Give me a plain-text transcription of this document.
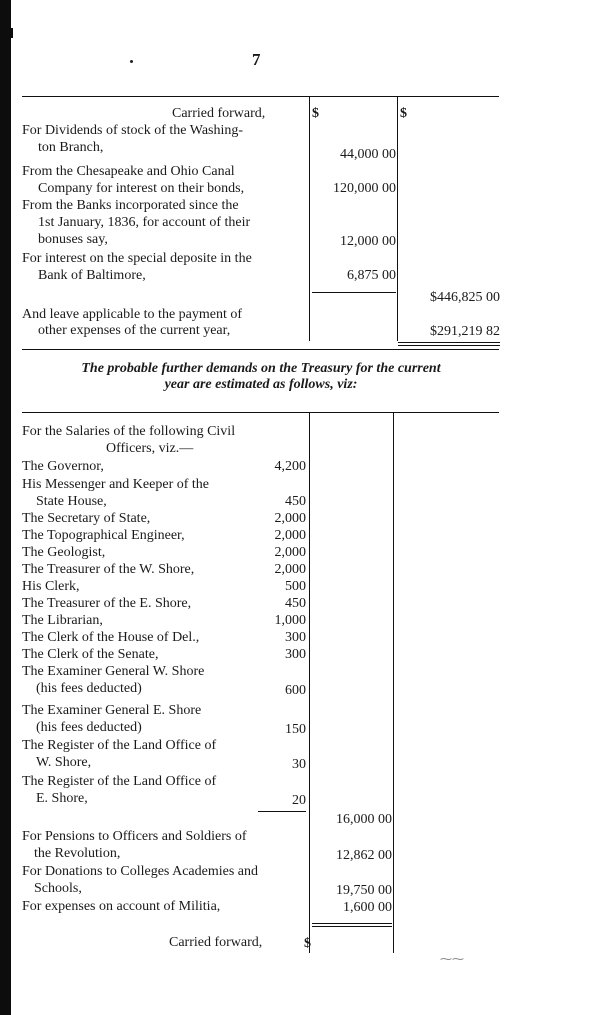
7
Carried forward,	$	$
For Dividends of stock of the Washing-
ton Branch,	44,000 00
From the Chesapeake and Ohio Canal
Company for interest on their bonds,	120,000 00
From the Banks incorporated since the
1st January, 1836, for account of their
bonuses say,	12,000 00
For interest on the special deposite in the
Bank of Baltimore,	6,875 00
$446,825 00
And leave applicable to the payment of
other expenses of the current year,	$291,219 82
The probable further demands on the Treasury for the current
year are estimated as follows, viz:
For the Salaries of the following Civil
Officers, viz.—
The Governor,	4,200
His Messenger and Keeper of the
State House,	450
The Secretary of State,	2,000
The Topographical Engineer,	2,000
The Geologist,	2,000
The Treasurer of the W. Shore,	2,000
His Clerk,	500
The Treasurer of the E. Shore,	450
The Librarian,	1,000
The Clerk of the House of Del.,	300
The Clerk of the Senate,	300
The Examiner General W. Shore
(his fees deducted)	600
The Examiner General E. Shore
(his fees deducted)	150
The Register of the Land Office of
W. Shore,	30
The Register of the Land Office of
E. Shore,	20
16,000 00
For Pensions to Officers and Soldiers of
the Revolution,	12,862 00
For Donations to Colleges Academies and
Schools,	19,750 00
For expenses on account of Militia,	1,600 00
Carried forward,	$
⁓⁓
